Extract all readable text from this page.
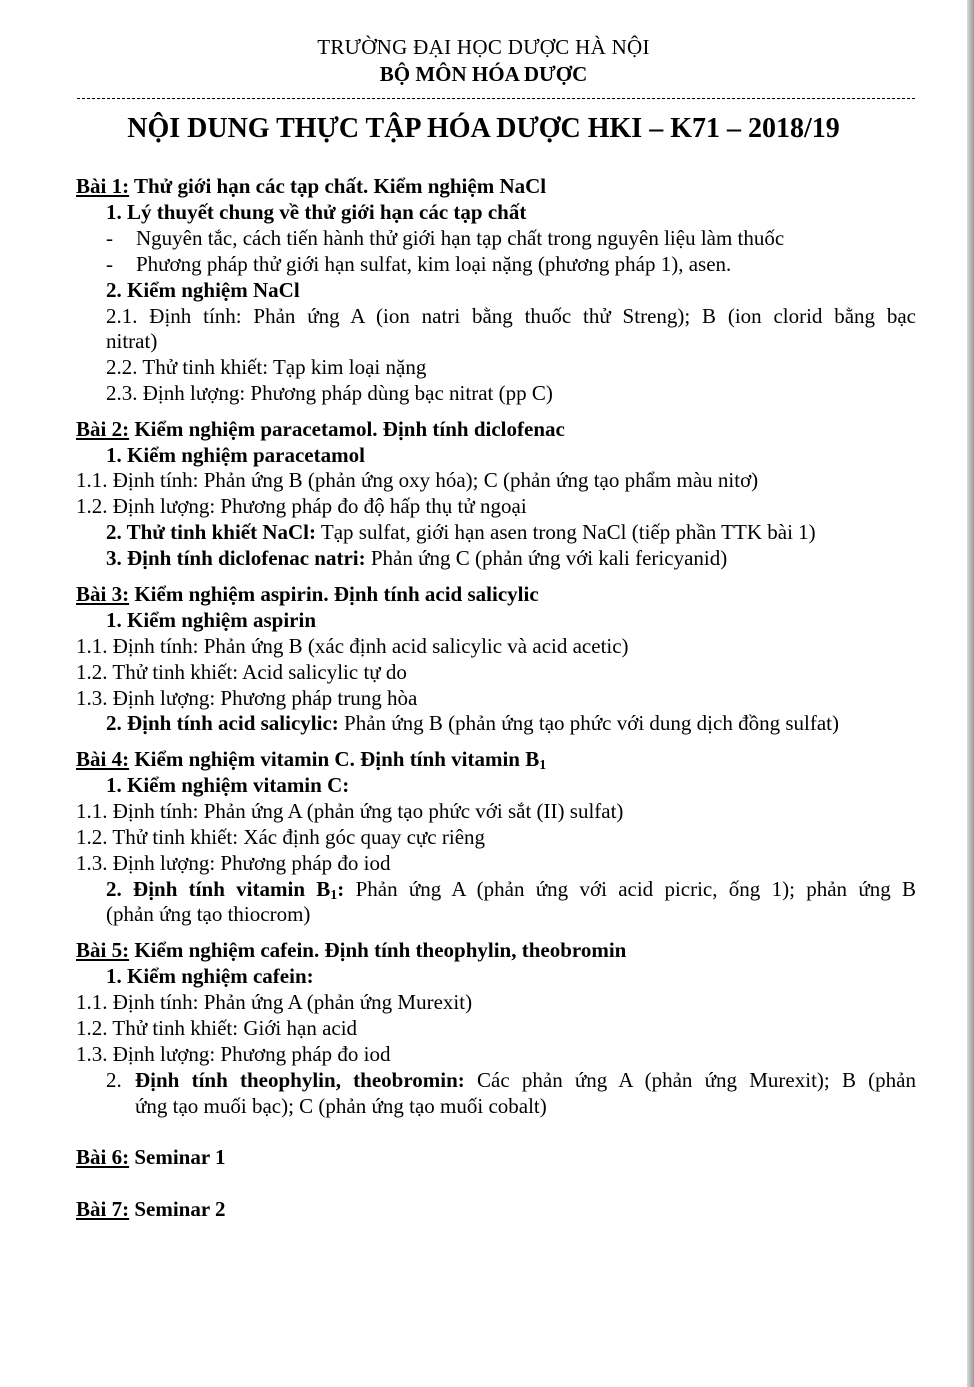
TRƯỜNG ĐẠI HỌC DƯỢC HÀ NỘI
BỘ MÔN HÓA DƯỢC
NỘI DUNG THỰC TẬP HÓA DƯỢC HKI – K71 – 2018/19
Bài 1: Thử giới hạn các tạp chất. Kiểm nghiệm NaCl
1. Lý thuyết chung về thử giới hạn các tạp chất
- Nguyên tắc, cách tiến hành thử giới hạn tạp chất trong nguyên liệu làm thuốc
- Phương pháp thử giới hạn sulfat, kim loại nặng (phương pháp 1), asen.
2. Kiểm nghiệm NaCl
2.1. Định tính: Phản ứng A (ion natri bằng thuốc thử Streng); B (ion clorid bằng bạc
nitrat)
2.2. Thử tinh khiết: Tạp kim loại nặng
2.3. Định lượng: Phương pháp dùng bạc nitrat (pp C)
Bài 2: Kiểm nghiệm paracetamol. Định tính diclofenac
1. Kiểm nghiệm paracetamol
1.1. Định tính: Phản ứng B (phản ứng oxy hóa); C (phản ứng tạo phẩm màu nitơ)
1.2. Định lượng: Phương pháp đo độ hấp thụ tử ngoại
2. Thử tinh khiết NaCl: Tạp sulfat, giới hạn asen trong NaCl (tiếp phần TTK bài 1)
3. Định tính diclofenac natri: Phản ứng C (phản ứng với kali fericyanid)
Bài 3: Kiểm nghiệm aspirin. Định tính acid salicylic
1. Kiểm nghiệm aspirin
1.1. Định tính: Phản ứng B (xác định acid salicylic và acid acetic)
1.2. Thử tinh khiết: Acid salicylic tự do
1.3. Định lượng: Phương pháp trung hòa
2. Định tính acid salicylic: Phản ứng B (phản ứng tạo phức với dung dịch đồng sulfat)
Bài 4: Kiểm nghiệm vitamin C. Định tính vitamin $B_1$
1. Kiểm nghiệm vitamin C:
1.1. Định tính: Phản ứng A (phản ứng tạo phức với sắt (II) sulfat)
1.2. Thử tinh khiết: Xác định góc quay cực riêng
1.3. Định lượng: Phương pháp đo iod
2. Định tính vitamin $B_1$: Phản ứng A (phản ứng với acid picric, ống 1); phản ứng B
(phản ứng tạo thiocrom)
Bài 5: Kiểm nghiệm cafein. Định tính theophylin, theobromin
1. Kiểm nghiệm cafein:
1.1. Định tính: Phản ứng A (phản ứng Murexit)
1.2. Thử tinh khiết: Giới hạn acid
1.3. Định lượng: Phương pháp đo iod
2. Định tính theophylin, theobromin: Các phản ứng A (phản ứng Murexit); B (phản
ứng tạo muối bạc); C (phản ứng tạo muối cobalt)
Bài 6: Seminar 1
Bài 7: Seminar 2
